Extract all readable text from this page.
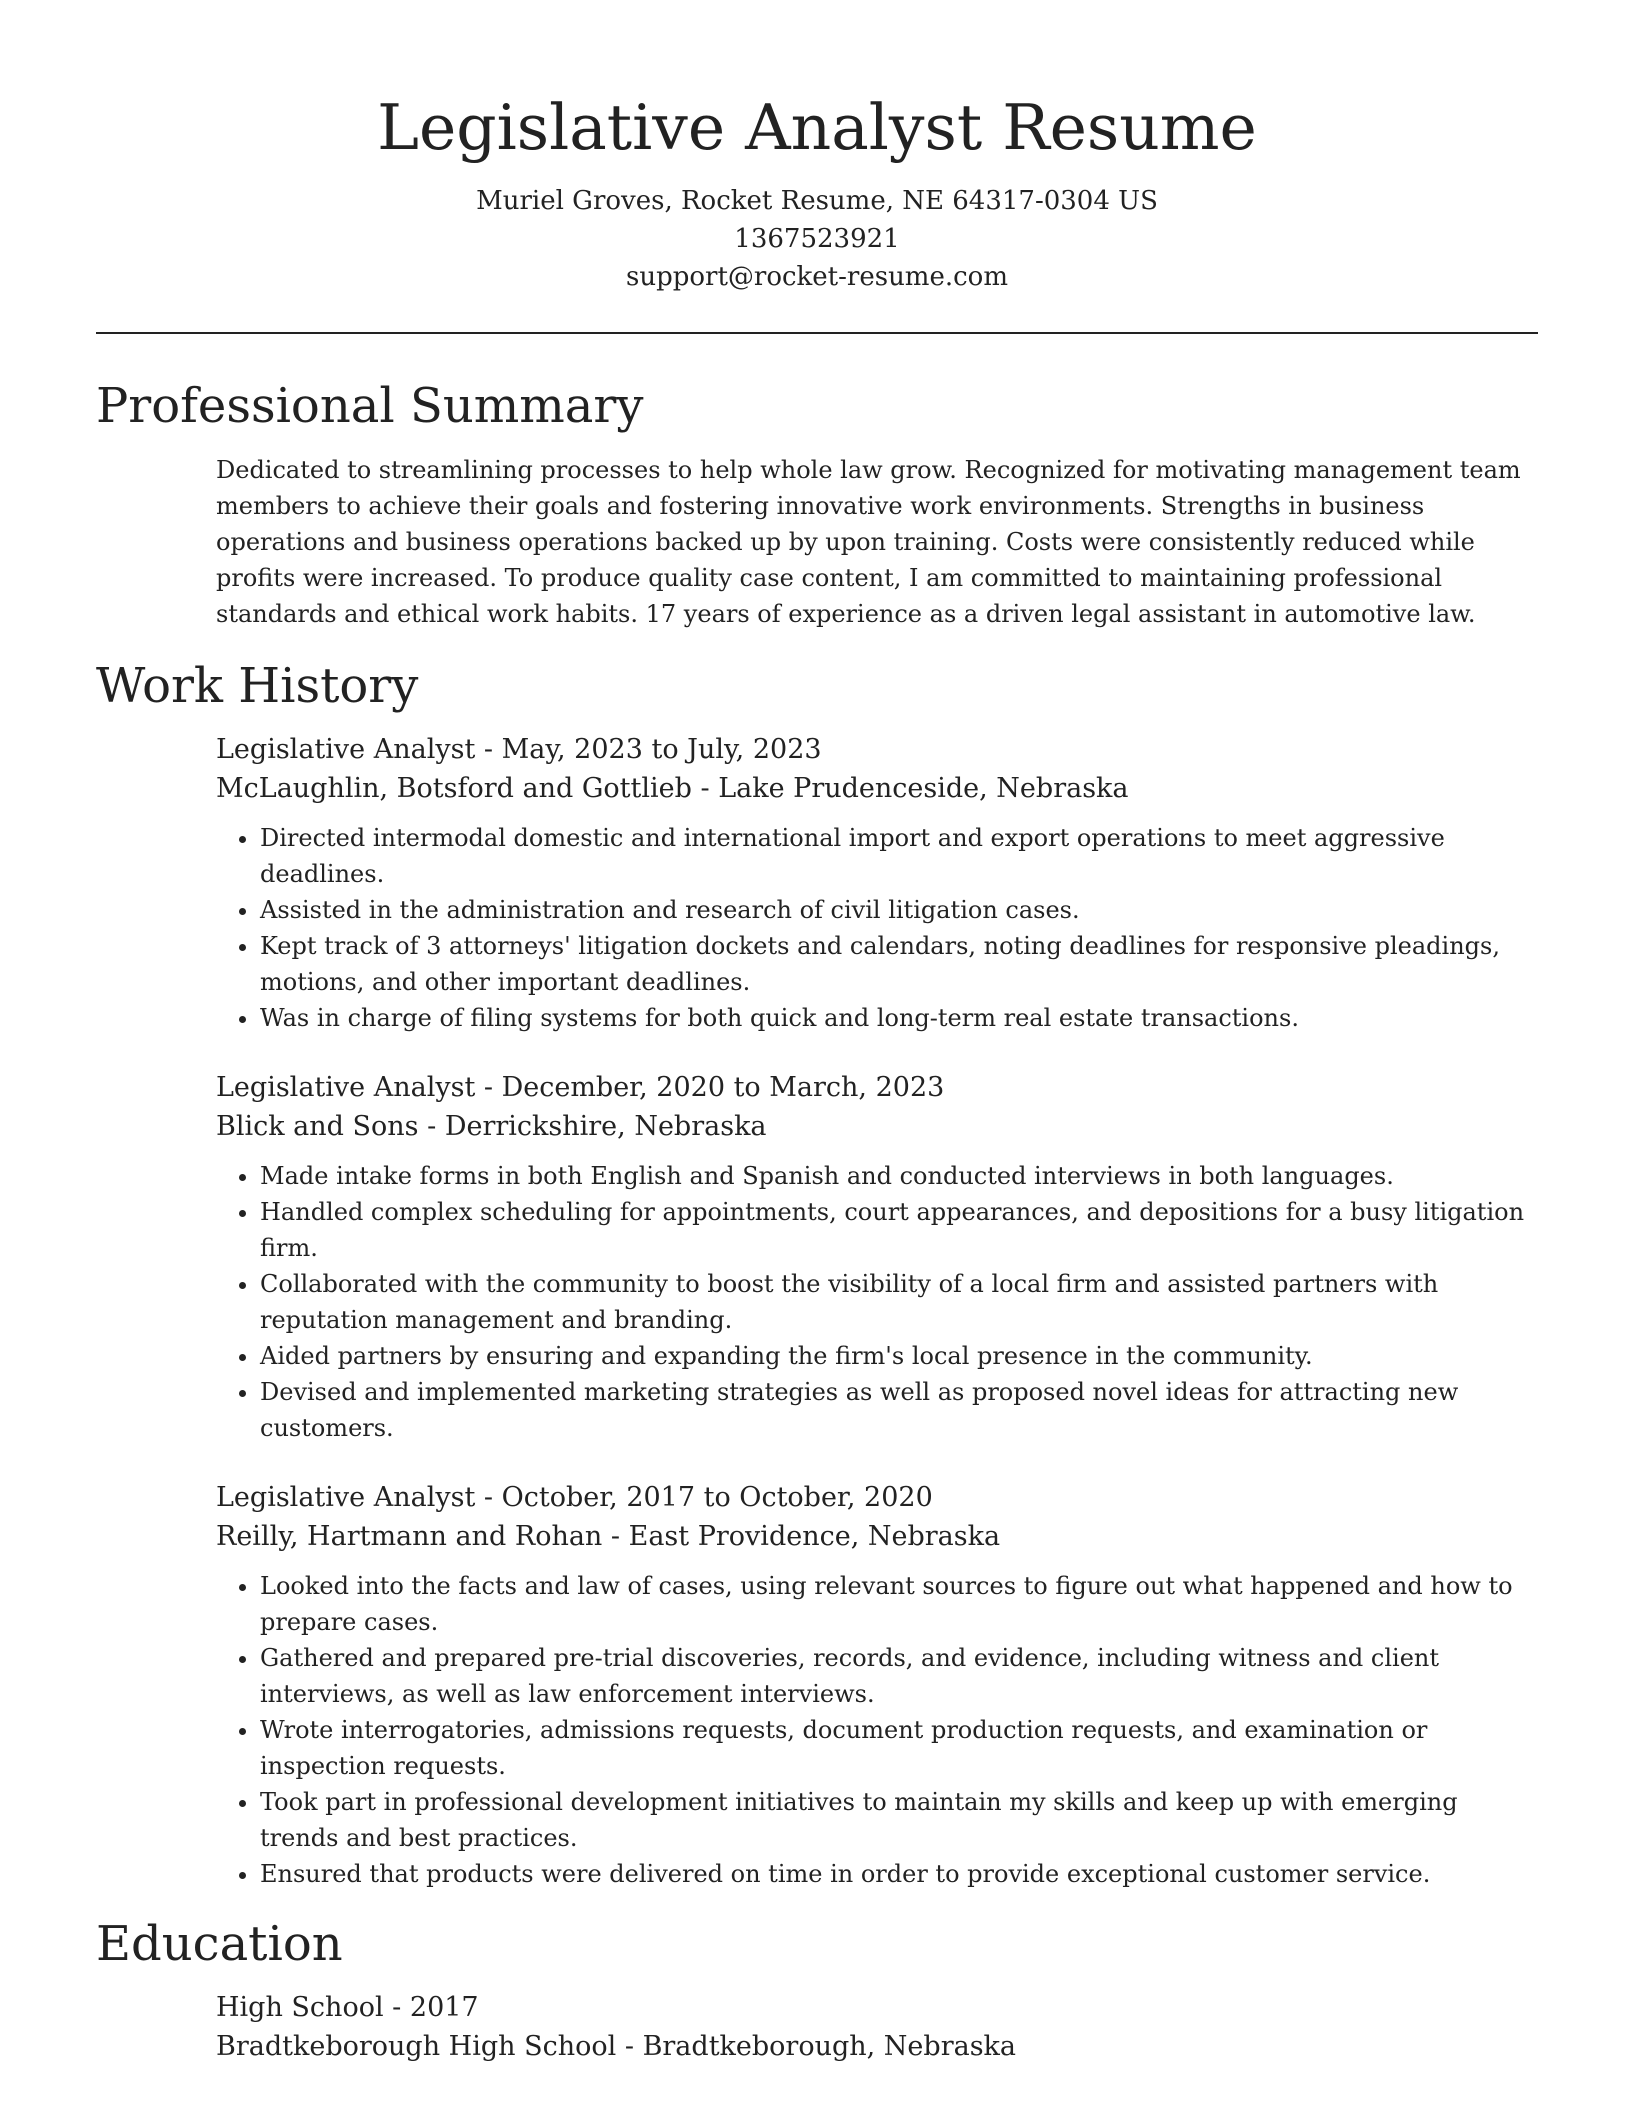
Legislative Analyst Resume

Muriel Groves, Rocket Resume, NE 64317-0304 US

1367523921

support@rocket-resume.com

Professional Summary

Dedicated to streamlining processes to help whole law grow. Recognized for motivating management team members to achieve their goals and fostering innovative work environments. Strengths in business operations and business operations backed up by upon training. Costs were consistently reduced while profits were increased. To produce quality case content, I am committed to maintaining professional standards and ethical work habits. 17 years of experience as a driven legal assistant in automotive law.

Work History

Legislative Analyst - May, 2023 to July, 2023

McLaughlin, Botsford and Gottlieb - Lake Prudenceside, Nebraska

• Directed intermodal domestic and international import and export operations to meet aggressive deadlines.
• Assisted in the administration and research of civil litigation cases.
• Kept track of 3 attorneys' litigation dockets and calendars, noting deadlines for responsive pleadings, motions, and other important deadlines.
• Was in charge of filing systems for both quick and long-term real estate transactions.

Legislative Analyst - December, 2020 to March, 2023

Blick and Sons - Derrickshire, Nebraska

• Made intake forms in both English and Spanish and conducted interviews in both languages.
• Handled complex scheduling for appointments, court appearances, and depositions for a busy litigation firm.
• Collaborated with the community to boost the visibility of a local firm and assisted partners with reputation management and branding.
• Aided partners by ensuring and expanding the firm's local presence in the community.
• Devised and implemented marketing strategies as well as proposed novel ideas for attracting new customers.

Legislative Analyst - October, 2017 to October, 2020

Reilly, Hartmann and Rohan - East Providence, Nebraska

• Looked into the facts and law of cases, using relevant sources to figure out what happened and how to prepare cases.
• Gathered and prepared pre-trial discoveries, records, and evidence, including witness and client interviews, as well as law enforcement interviews.
• Wrote interrogatories, admissions requests, document production requests, and examination or inspection requests.
• Took part in professional development initiatives to maintain my skills and keep up with emerging trends and best practices.
• Ensured that products were delivered on time in order to provide exceptional customer service.
Education

High School - 2017

Bradtkeborough High School - Bradtkeborough, Nebraska
